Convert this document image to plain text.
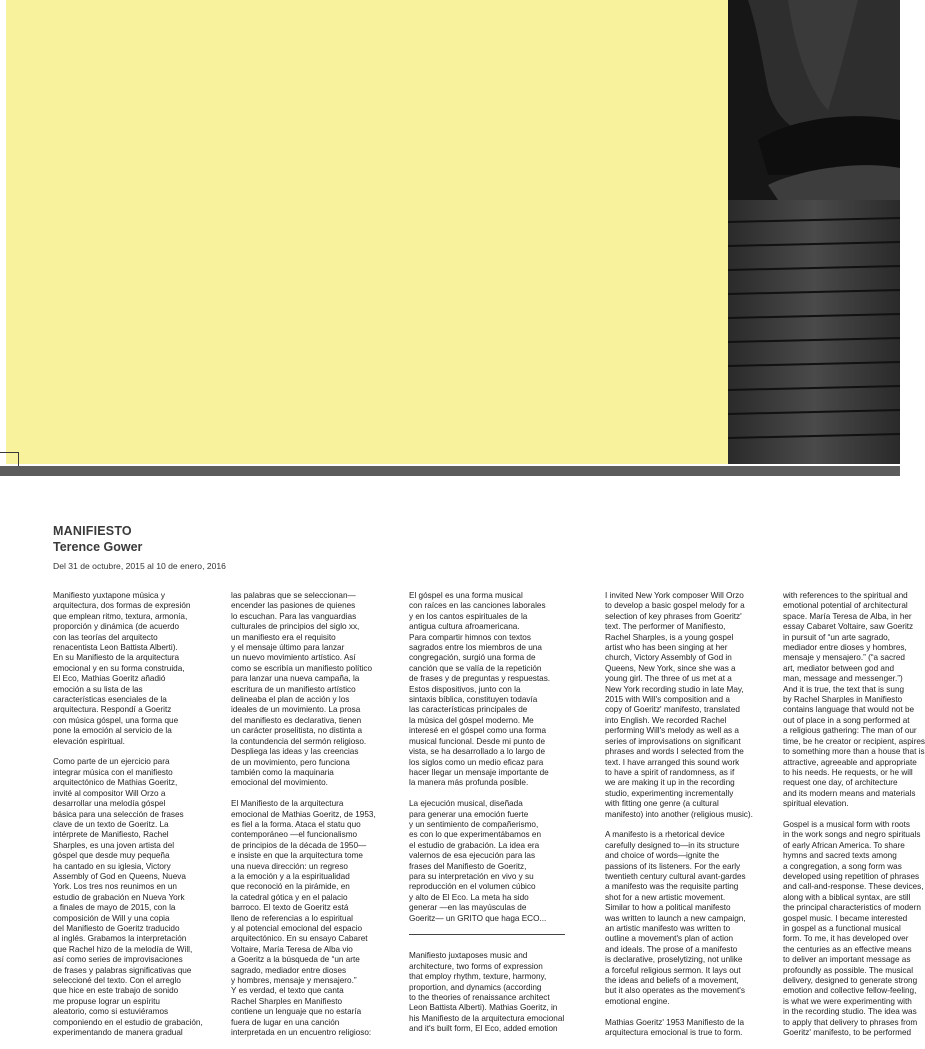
MANIFIESTO
Terence Gower
Del 31 de octubre, 2015 al 10 de enero, 2016

Manifiesto yuxtapone música y
arquitectura, dos formas de expresión
que emplean ritmo, textura, armonía,
proporción y dinámica (de acuerdo
con las teorías del arquitecto
renacentista Leon Battista Alberti).
En su Manifiesto de la arquitectura
emocional y en su forma construida,
El Eco, Mathias Goeritz añadió
emoción a su lista de las
características esenciales de la
arquitectura. Respondí a Goeritz
con música góspel, una forma que
pone la emoción al servicio de la
elevación espiritual.

Como parte de un ejercicio para
integrar música con el manifiesto
arquitectónico de Mathias Goeritz,
invité al compositor Will Orzo a
desarrollar una melodía góspel
básica para una selección de frases
clave de un texto de Goeritz. La
intérprete de Manifiesto, Rachel
Sharples, es una joven artista del
góspel que desde muy pequeña
ha cantado en su iglesia, Victory
Assembly of God en Queens, Nueva
York. Los tres nos reunimos en un
estudio de grabación en Nueva York
a finales de mayo de 2015, con la
composición de Will y una copia
del Manifiesto de Goeritz traducido
al inglés. Grabamos la interpretación
que Rachel hizo de la melodía de Will,
así como series de improvisaciones
de frases y palabras significativas que
seleccioné del texto. Con el arreglo
que hice en este trabajo de sonido
me propuse lograr un espíritu
aleatorio, como si estuviéramos
componiendo en el estudio de grabación,
experimentando de manera gradual

las palabras que se seleccionan—
encender las pasiones de quienes
lo escuchan. Para las vanguardias
culturales de principios del siglo xx,
un manifiesto era el requisito
y el mensaje último para lanzar
un nuevo movimiento artístico. Así
como se escribía un manifiesto político
para lanzar una nueva campaña, la
escritura de un manifiesto artístico
delineaba el plan de acción y los
ideales de un movimiento. La prosa
del manifiesto es declarativa, tienen
un carácter proselitista, no distinta a
la contundencia del sermón religioso.
Despliega las ideas y las creencias
de un movimiento, pero funciona
también como la maquinaria
emocional del movimiento.

El Manifiesto de la arquitectura
emocional de Mathias Goeritz, de 1953,
es fiel a la forma. Ataca el statu quo
contemporáneo —el funcionalismo
de principios de la década de 1950—
e insiste en que la arquitectura tome
una nueva dirección: un regreso
a la emoción y a la espiritualidad
que reconoció en la pirámide, en
la catedral gótica y en el palacio
barroco. El texto de Goeritz está
lleno de referencias a lo espiritual
y al potencial emocional del espacio
arquitectónico. En su ensayo Cabaret
Voltaire, María Teresa de Alba vio
a Goeritz a la búsqueda de “un arte
sagrado, mediador entre dioses
y hombres, mensaje y mensajero.”
Y es verdad, el texto que canta
Rachel Sharples en Manifiesto
contiene un lenguaje que no estaría
fuera de lugar en una canción
interpretada en un encuentro religioso:

El góspel es una forma musical
con raíces en las canciones laborales
y en los cantos espirituales de la
antigua cultura afroamericana.
Para compartir himnos con textos
sagrados entre los miembros de una
congregación, surgió una forma de
canción que se valía de la repetición
de frases y de preguntas y respuestas.
Estos dispositivos, junto con la
sintaxis bíblica, constituyen todavía
las características principales de
la música del góspel moderno. Me
interesé en el góspel como una forma
musical funcional. Desde mi punto de
vista, se ha desarrollado a lo largo de
los siglos como un medio eficaz para
hacer llegar un mensaje importante de
la manera más profunda posible.

La ejecución musical, diseñada
para generar una emoción fuerte
y un sentimiento de compañerismo,
es con lo que experimentábamos en
el estudio de grabación. La idea era
valernos de esa ejecución para las
frases del Manifiesto de Goeritz,
para su interpretación en vivo y su
reproducción en el volumen cúbico
y alto de El Eco. La meta ha sido
generar —en las mayúsculas de
Goeritz— un GRITO que haga ECO...

Manifiesto juxtaposes music and
architecture, two forms of expression
that employ rhythm, texture, harmony,
proportion, and dynamics (according
to the theories of renaissance architect
Leon Battista Alberti). Mathias Goeritz, in
his Manifiesto de la arquitectura emocional
and it's built form, El Eco, added emotion

I invited New York composer Will Orzo
to develop a basic gospel melody for a
selection of key phrases from Goeritz'
text. The performer of Manifiesto,
Rachel Sharples, is a young gospel
artist who has been singing at her
church, Victory Assembly of God in
Queens, New York, since she was a
young girl. The three of us met at a
New York recording studio in late May,
2015 with Will's composition and a
copy of Goeritz' manifesto, translated
into English. We recorded Rachel
performing Will's melody as well as a
series of improvisations on significant
phrases and words I selected from the
text. I have arranged this sound work
to have a spirit of randomness, as if
we are making it up in the recording
studio, experimenting incrementally
with fitting one genre (a cultural
manifesto) into another (religious music).

A manifesto is a rhetorical device
carefully designed to—in its structure
and choice of words—ignite the
passions of its listeners. For the early
twentieth century cultural avant-gardes
a manifesto was the requisite parting
shot for a new artistic movement.
Similar to how a political manifesto
was written to launch a new campaign,
an artistic manifesto was written to
outline a movement's plan of action
and ideals. The prose of a manifesto
is declarative, proselytizing, not unlike
a forceful religious sermon. It lays out
the ideas and beliefs of a movement,
but it also operates as the movement's
emotional engine.

Mathias Goeritz' 1953 Manifiesto de la
arquitectura emocional is true to form.

with references to the spiritual and
emotional potential of architectural
space. María Teresa de Alba, in her
essay Cabaret Voltaire, saw Goeritz
in pursuit of “un arte sagrado,
mediador entre dioses y hombres,
mensaje y mensajero.” (“a sacred
art, mediator between god and
man, message and messenger.”)
And it is true, the text that is sung
by Rachel Sharples in Manifiesto
contains language that would not be
out of place in a song performed at
a religious gathering: The man of our
time, be he creator or recipient, aspires
to something more than a house that is
attractive, agreeable and appropriate
to his needs. He requests, or he will
request one day, of architecture
and its modern means and materials
spiritual elevation.

Gospel is a musical form with roots
in the work songs and negro spirituals
of early African America. To share
hymns and sacred texts among
a congregation, a song form was
developed using repetition of phrases
and call-and-response. These devices,
along with a biblical syntax, are still
the principal characteristics of modern
gospel music. I became interested
in gospel as a functional musical
form. To me, it has developed over
the centuries as an effective means
to deliver an important message as
profoundly as possible. The musical
delivery, designed to generate strong
emotion and collective fellow-feeling,
is what we were experimenting with
in the recording studio. The idea was
to apply that delivery to phrases from
Goeritz' manifesto, to be performed
